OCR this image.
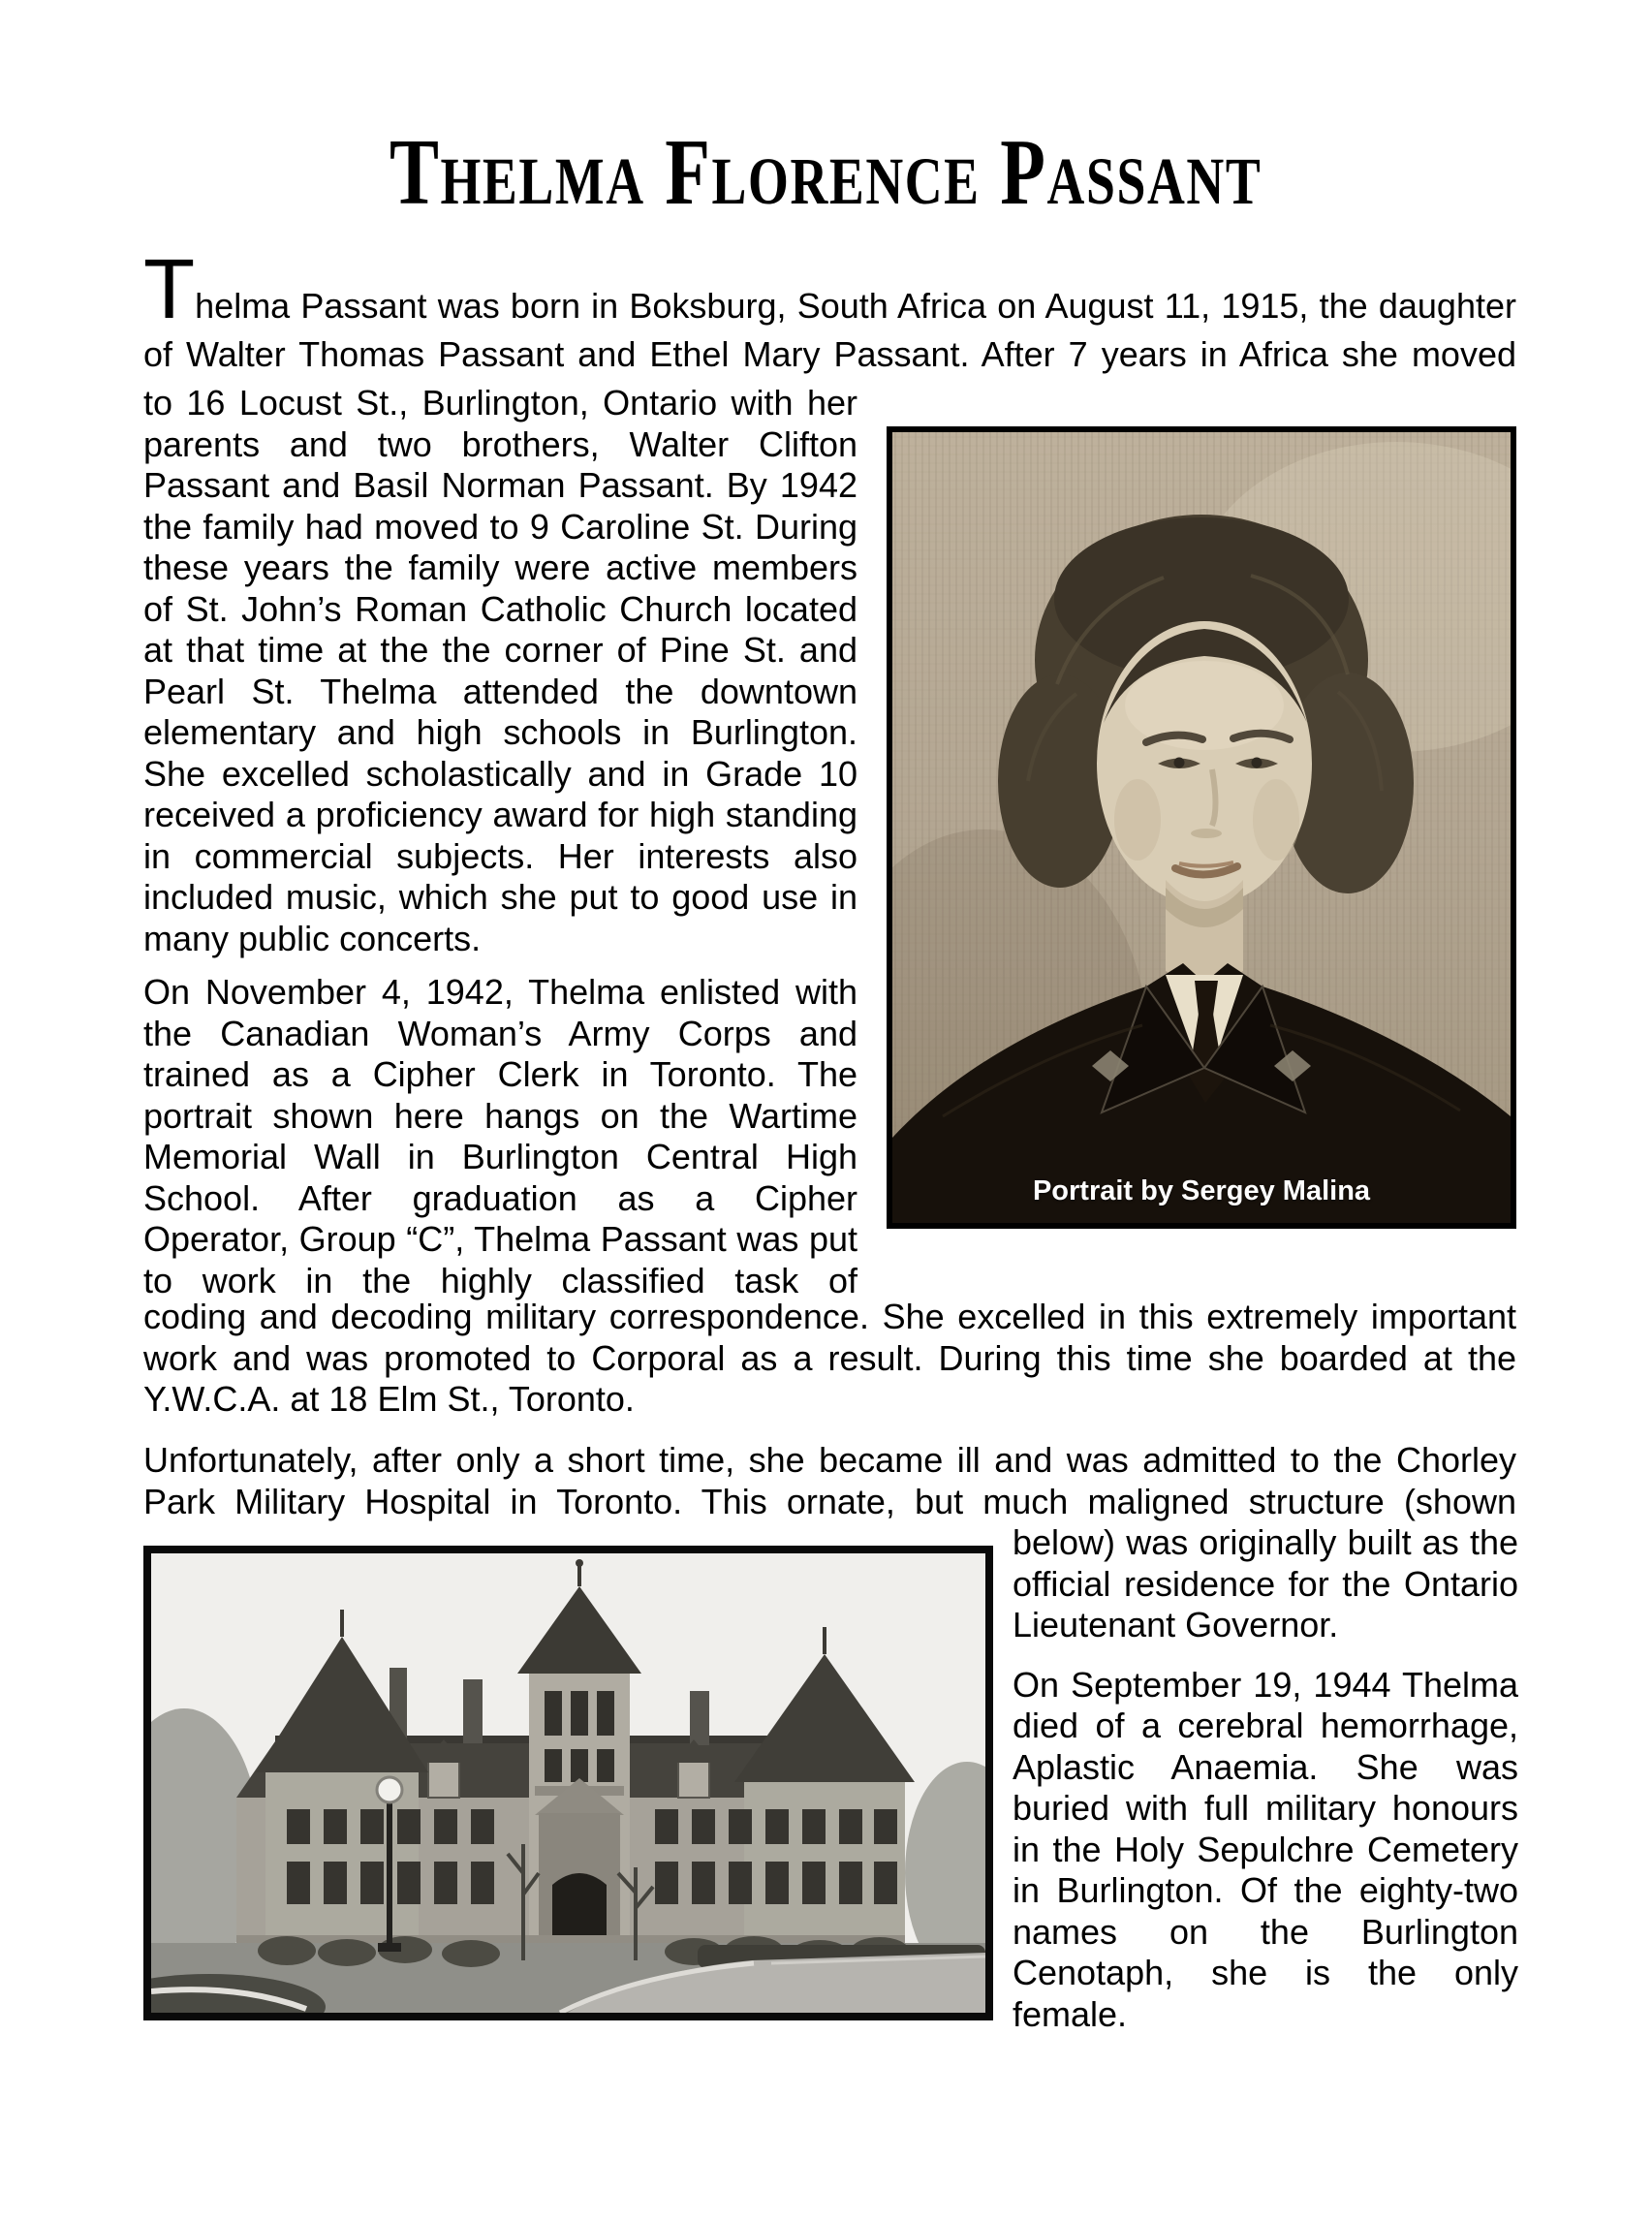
Thelma Florence Passant

Thelma Passant was born in Boksburg, South Africa on August 11, 1915, the daughter of Walter Thomas Passant and Ethel Mary Passant. After 7 years in Africa she moved

to 16 Locust St., Burlington, Ontario with her parents and two brothers, Walter Clifton Passant and Basil Norman Passant. By 1942 the family had moved to 9 Caroline St. During these years the family were active members of St. John’s Roman Catholic Church located at that time at the the corner of Pine St. and Pearl St. Thelma attended the downtown elementary and high schools in Burlington. She excelled scholastically and in Grade 10 received a proficiency award for high standing in commercial subjects. Her interests also included music, which she put to good use in many public concerts.

On November 4, 1942, Thelma enlisted with the Canadian Woman’s Army Corps and trained as a Cipher Clerk in Toronto. The portrait shown here hangs on the Wartime Memorial Wall in Burlington Central High School. After graduation as a Cipher Operator, Group “C”, Thelma Passant was put to work in the highly classified task of

Portrait by Sergey Malina

coding and decoding military correspondence. She excelled in this extremely important work and was promoted to Corporal as a result. During this time she boarded at the Y.W.C.A. at 18 Elm St., Toronto.

Unfortunately, after only a short time, she became ill and was admitted to the Chorley Park Military Hospital in Toronto. This ornate, but much maligned structure (shown

below) was originally built as the official residence for the Ontario Lieutenant Governor.

On September 19, 1944 Thelma died of a cerebral hemorrhage, Aplastic Anaemia. She was buried with full military honours in the Holy Sepulchre Cemetery in Burlington. Of the eighty-two names on the Burlington Cenotaph, she is the only female.
